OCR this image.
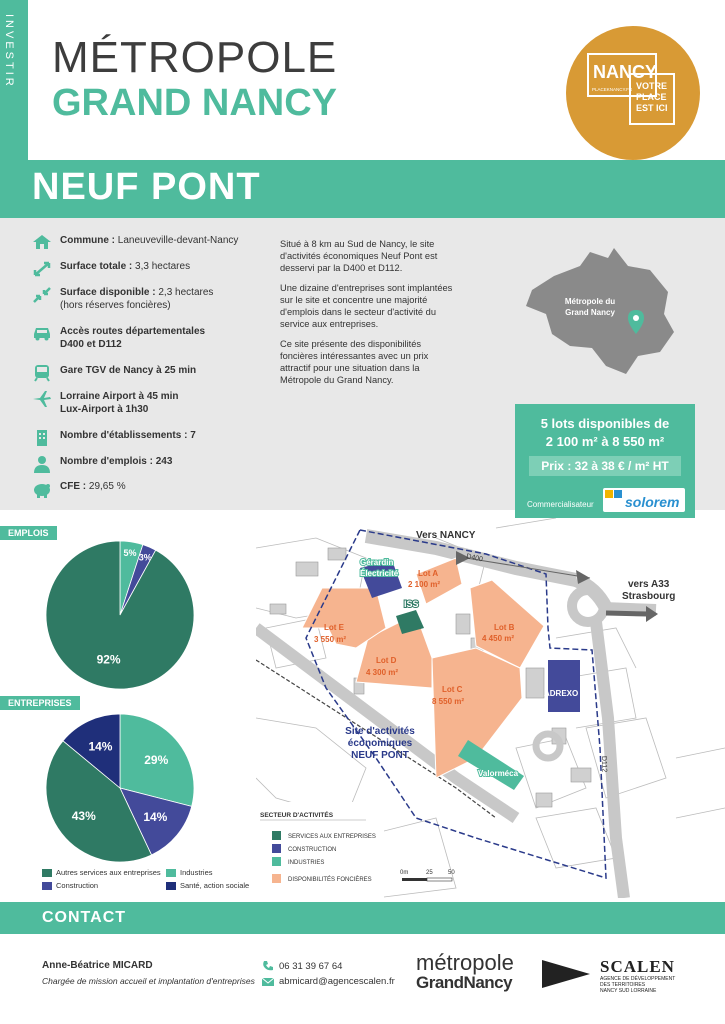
INVESTIR MÉTROPOLE
GRAND NANCY
NANCY
PLACEKNANCY.FR VOTRE
PLACE
EST ICI
NEUF PONT
Commune : Laneuveville-devant-Nancy
Surface totale : 3,3 hectares
Surface disponible : 2,3 hectares
(hors réserves foncières)
Accès routes départementales
D400 et D112
Gare TGV de Nancy à 25 min
Lorraine Airport à 45 min
Lux-Airport à 1h30
Nombre d'établissements : 7
Nombre d'emplois : 243
CFE : 29,65 %

Situé à 8 km au Sud de Nancy, le site d'activités économiques Neuf Pont est desservi par la D400 et D112.

Une dizaine d'entreprises sont implantées sur le site et concentre une majorité d'emplois dans le secteur d'activité du service aux entreprises.

Ce site présente des disponibilités foncières intéressantes avec un prix attractif pour une situation dans la Métropole du Grand Nancy.

Métropole du
Grand Nancy
5 lots disponibles de
2 100 m² à 8 550 m²
Prix : 32 à 38 € / m² HT
Commercialisateur solorem
EMPLOIS
5% 3%
92%
ENTREPRISES
29%
14%
43%
14%
Autres services aux entreprises	Industries
Construction	Santé, action sociale
Vers NANCY
D400
vers A33
Strasbourg
D112
Gérardin
Électricité
ISS
ADREXO
Valorméca
Lot A
2 100 m²
Lot B
4 450 m²
Lot C
8 550 m²
Lot D
4 300 m²
Lot E
3 550 m²
Site d'activités
économiques
NEUF PONT
SECTEUR D'ACTIVITÉS
SERVICES AUX ENTREPRISES
CONSTRUCTION
INDUSTRIES
DISPONIBILITÉS FONCIÈRES
0m	25	50
CONTACT
Anne-Béatrice MICARD
Chargée de mission accueil et implantation d'entreprises
06 31 39 67 64
abmicard@agencescalen.fr
métropole
GrandNancy
SCALEN
AGENCE DE DÉVELOPPEMENT
DES TERRITOIRES
NANCY SUD LORRAINE
